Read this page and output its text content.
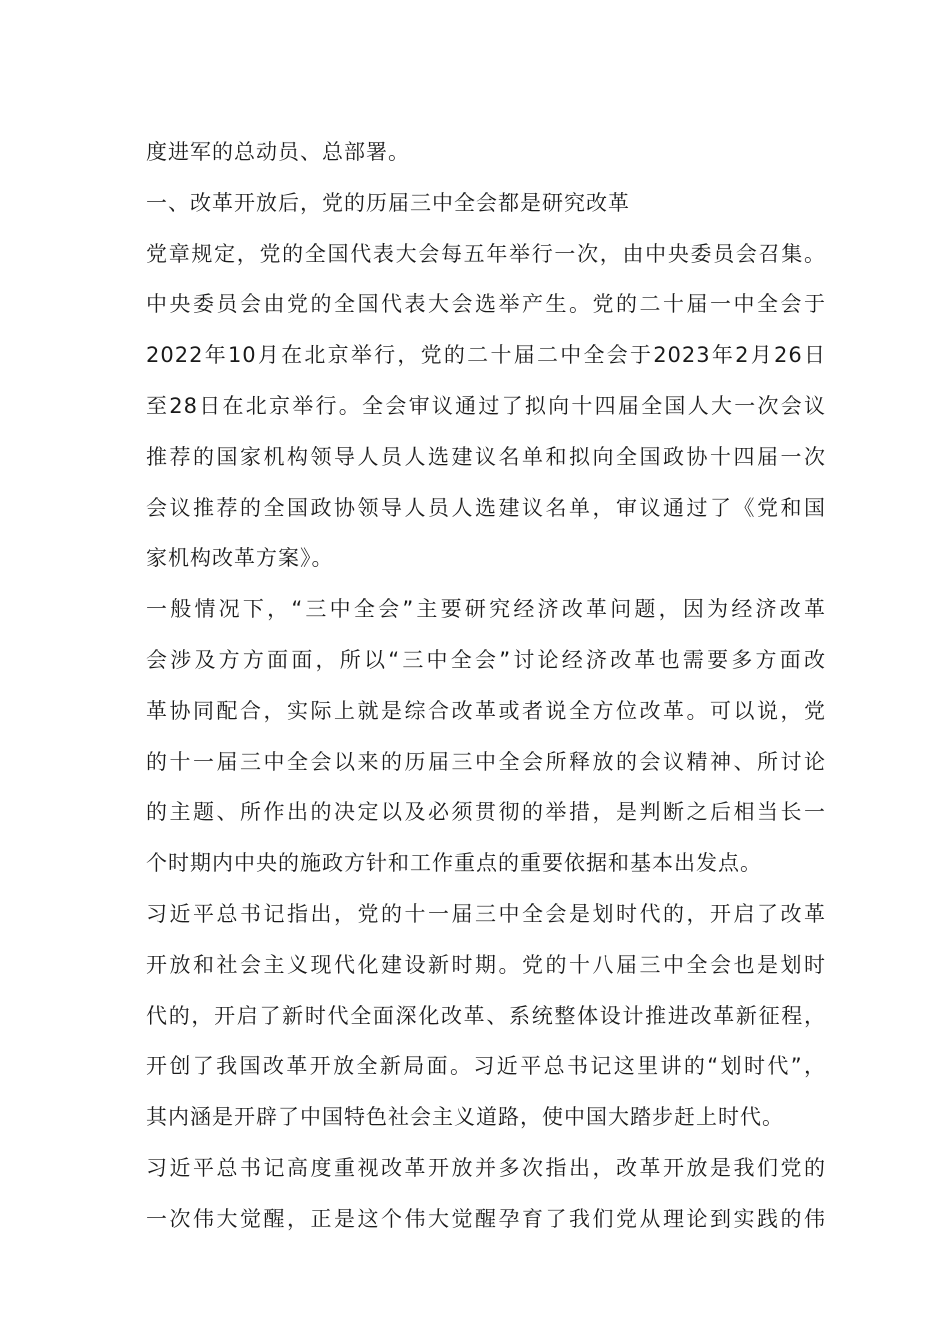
度进军的总动员、总部署。
一、改革开放后，党的历届三中全会都是研究改革
党章规定，党的全国代表大会每五年举行一次，由中央委员会召集。
中央委员会由党的全国代表大会选举产生。党的二十届一中全会于
2022年10月在北京举行，党的二十届二中全会于2023年2月26日
至28日在北京举行。全会审议通过了拟向十四届全国人大一次会议
推荐的国家机构领导人员人选建议名单和拟向全国政协十四届一次
会议推荐的全国政协领导人员人选建议名单，审议通过了《党和国
家机构改革方案》。
一般情况下，“三中全会”主要研究经济改革问题，因为经济改革
会涉及方方面面，所以“三中全会”讨论经济改革也需要多方面改
革协同配合，实际上就是综合改革或者说全方位改革。可以说，党
的十一届三中全会以来的历届三中全会所释放的会议精神、所讨论
的主题、所作出的决定以及必须贯彻的举措，是判断之后相当长一
个时期内中央的施政方针和工作重点的重要依据和基本出发点。
习近平总书记指出，党的十一届三中全会是划时代的，开启了改革
开放和社会主义现代化建设新时期。党的十八届三中全会也是划时
代的，开启了新时代全面深化改革、系统整体设计推进改革新征程，
开创了我国改革开放全新局面。习近平总书记这里讲的“划时代”，
其内涵是开辟了中国特色社会主义道路，使中国大踏步赶上时代。
习近平总书记高度重视改革开放并多次指出，改革开放是我们党的
一次伟大觉醒，正是这个伟大觉醒孕育了我们党从理论到实践的伟
